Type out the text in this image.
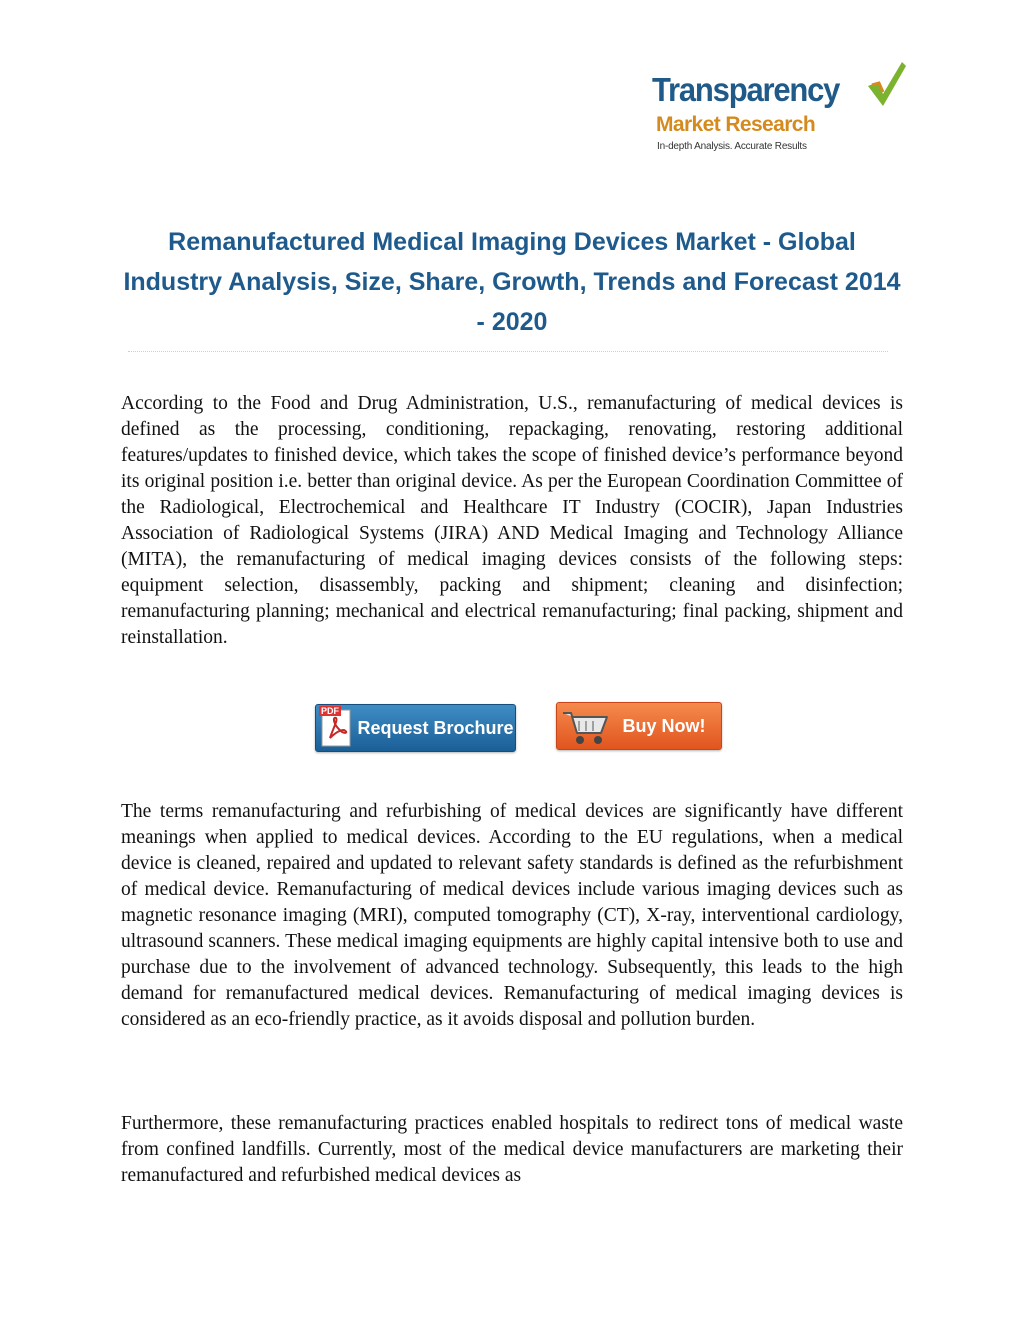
Transparency
Market Research
In-depth Analysis. Accurate Results
Remanufactured Medical Imaging Devices Market - Global Industry Analysis, Size, Share, Growth, Trends and Forecast 2014 - 2020

According to the Food and Drug Administration, U.S., remanufacturing of medical devices is defined as the processing, conditioning, repackaging, renovating, restoring additional features/updates to finished device, which takes the scope of finished device’s performance beyond its original position i.e. better than original device. As per the European Coordination Committee of the Radiological, Electrochemical and Healthcare IT Industry (COCIR), Japan Industries Association of Radiological Systems (JIRA) AND Medical Imaging and Technology Alliance (MITA), the remanufacturing of medical imaging devices consists of the following steps: equipment selection, disassembly, packing and shipment; cleaning and disinfection; remanufacturing planning; mechanical and electrical remanufacturing; final packing, shipment and reinstallation.

PDF
Request Brochure	Buy Now!

The terms remanufacturing and refurbishing of medical devices are significantly have different meanings when applied to medical devices. According to the EU regulations, when a medical device is cleaned, repaired and updated to relevant safety standards is defined as the refurbishment of medical device. Remanufacturing of medical devices include various imaging devices such as magnetic resonance imaging (MRI), computed tomography (CT), X-ray, interventional cardiology, ultrasound scanners. These medical imaging equipments are highly capital intensive both to use and purchase due to the involvement of advanced technology. Subsequently, this leads to the high demand for remanufactured medical devices. Remanufacturing of medical imaging devices is considered as an eco-friendly practice, as it avoids disposal and pollution burden.

Furthermore, these remanufacturing practices enabled hospitals to redirect tons of medical waste from confined landfills. Currently, most of the medical device manufacturers are marketing their remanufactured and refurbished medical devices as
